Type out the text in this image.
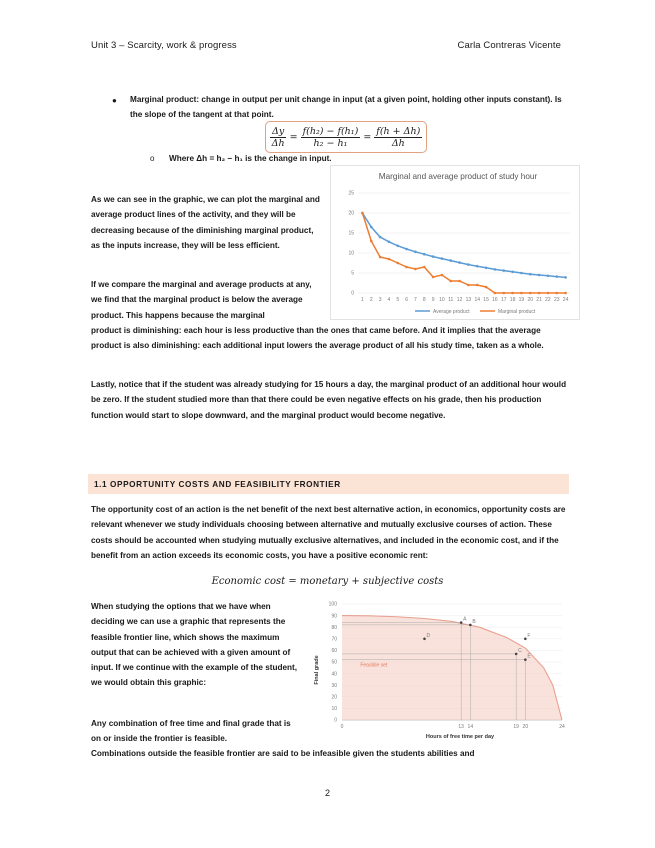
Unit 3 – Scarcity, work & progress	Carla Contreras Vicente
● Marginal product: change in output per unit change in input (at a given point, holding other inputs constant). Is the slope of the tangent at that point.
$\frac{\Delta y}{\Delta h} = \frac{\text{f(h₂) − f(h₁)}}{\text{h₂ − h₁}} = \frac{f(h + \Delta h)}{\Delta h}$
o Where Δh = h₂ − h₁ is the change in input.
As we can see in the graphic, we can plot the marginal and average product lines of the activity, and they will be decreasing because of the diminishing marginal product, as the inputs increase, they will be less efficient.
Marginal and average product of study hour
0
5
10
15
20
25
1 2 3 4 5 6 7 8 9 10 11 12 13 14 15 16 17 18 19 20 21 22 23 24
Average product	Marginal product
If we compare the marginal and average products at any, we find that the marginal product is below the average product. This happens because the marginal
product is diminishing: each hour is less productive than the ones that came before. And it implies that the average product is also diminishing: each additional input lowers the average product of all his study time, taken as a whole.
Lastly, notice that if the student was already studying for 15 hours a day, the marginal product of an additional hour would be zero. If the student studied more than that there could be even negative effects on his grade, then his production function would start to slope downward, and the marginal product would become negative.
1.1 OPPORTUNITY COSTS AND FEASIBILITY FRONTIER
The opportunity cost of an action is the net benefit of the next best alternative action, in economics, opportunity costs are relevant whenever we study individuals choosing between alternative and mutually exclusive courses of action. These costs should be accounted when studying mutually exclusive alternatives, and included in the economic cost, and if the benefit from an action exceeds its economic costs, you have a positive economic rent:
Economic cost = monetary + subjective costs
When studying the options that we have when deciding we can use a graphic that represents the feasible frontier line, which shows the maximum output that can be achieved with a given amount of input. If we continue with the example of the student, we would obtain this graphic:
Any combination of free time and final grade that is on or inside the frontier is feasible.
Combinations outside the feasible frontier are said to be infeasible given the students abilities and
0
10
20
30
40
50
60
70
80
90
100
0	13 14	19 20	24
A B
C
D
E
F
Feasible set
Hours of free time per day
Final grade
2
